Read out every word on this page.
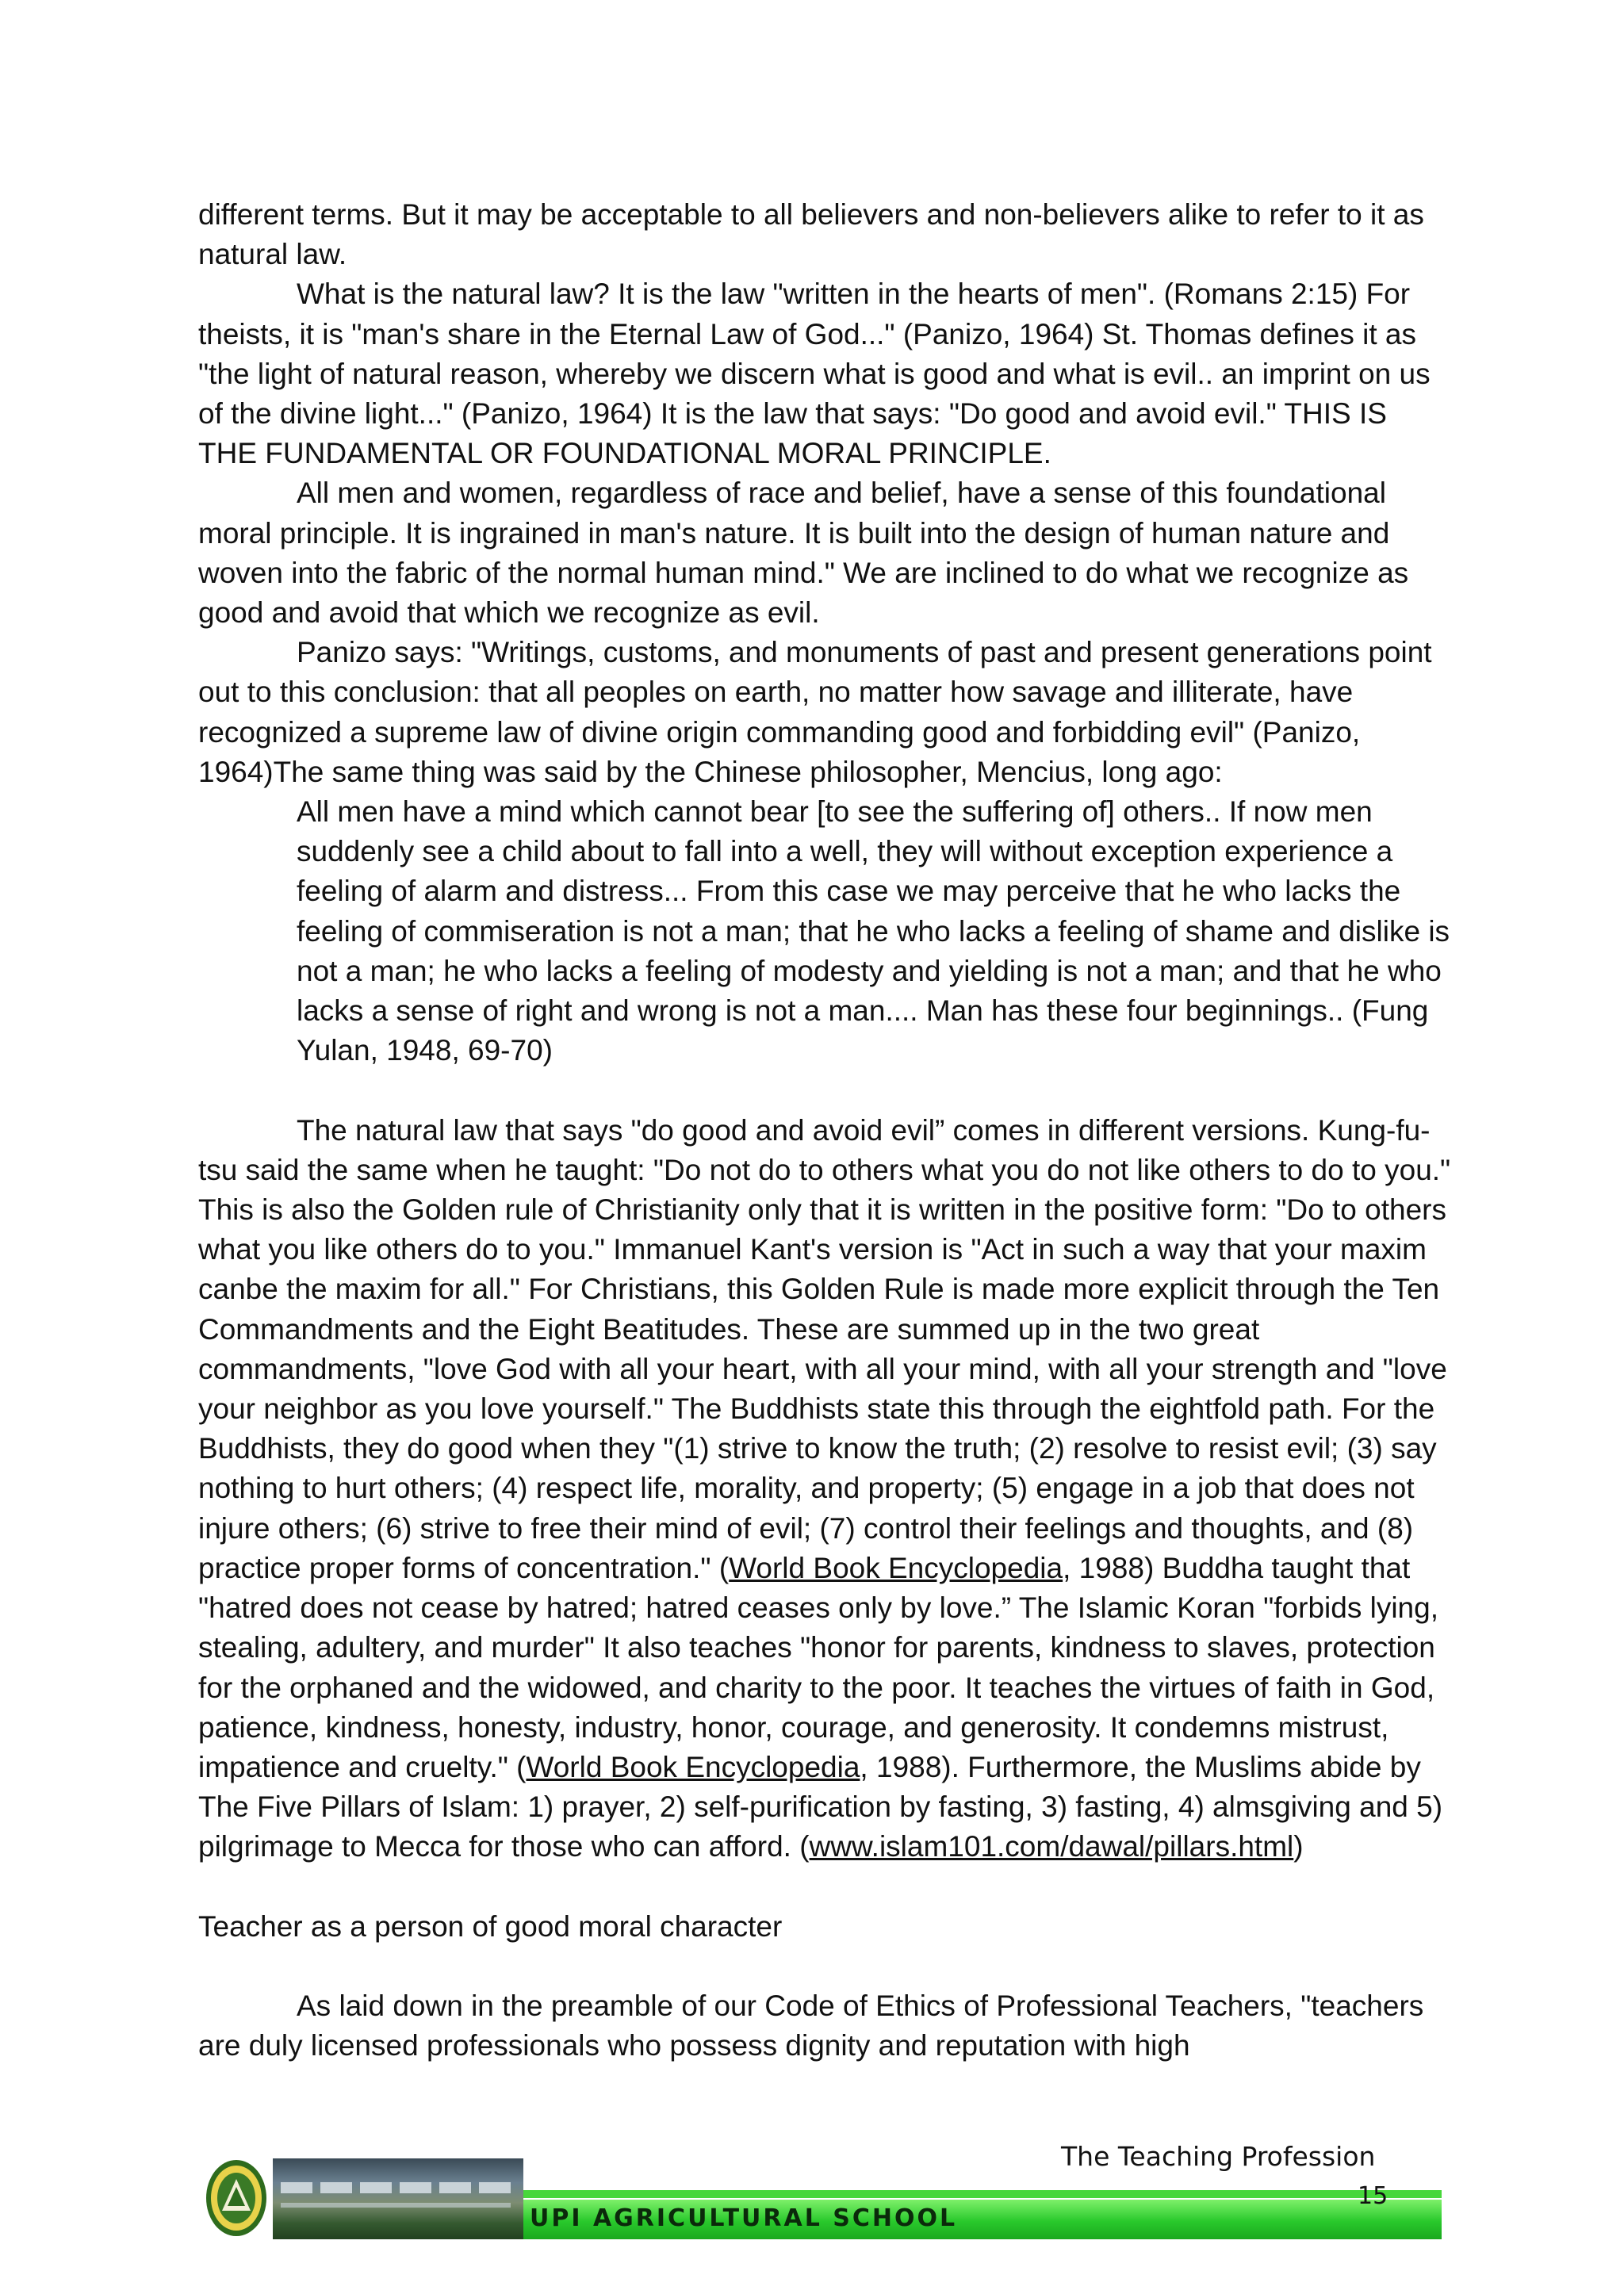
different terms. But it may be acceptable to all believers and non-believers alike to refer to it as natural law.

What is the natural law? It is the law "written in the hearts of men". (Romans 2:15) For theists, it is "man's share in the Eternal Law of God..." (Panizo, 1964) St. Thomas defines it as "the light of natural reason, whereby we discern what is good and what is evil.. an imprint on us of the divine light..." (Panizo, 1964) It is the law that says: "Do good and avoid evil." THIS IS THE FUNDAMENTAL OR FOUNDATIONAL MORAL PRINCIPLE.

All men and women, regardless of race and belief, have a sense of this foundational moral principle. It is ingrained in man's nature. It is built into the design of human nature and woven into the fabric of the normal human mind." We are inclined to do what we recognize as good and avoid that which we recognize as evil.

Panizo says: "Writings, customs, and monuments of past and present generations point out to this conclusion: that all peoples on earth, no matter how savage and illiterate, have recognized a supreme law of divine origin commanding good and forbidding evil" (Panizo, 1964)The same thing was said by the Chinese philosopher, Mencius, long ago:

All men have a mind which cannot bear [to see the suffering of] others.. If now men suddenly see a child about to fall into a well, they will without exception experience a feeling of alarm and distress... From this case we may perceive that he who lacks the feeling of commiseration is not a man; that he who lacks a feeling of shame and dislike is not a man; he who lacks a feeling of modesty and yielding is not a man; and that he who lacks a sense of right and wrong is not a man.... Man has these four beginnings.. (Fung Yulan, 1948, 69-70)

The natural law that says "do good and avoid evil” comes in different versions. Kung-fu-tsu said the same when he taught: "Do not do to others what you do not like others to do to you." This is also the Golden rule of Christianity only that it is written in the positive form: "Do to others what you like others do to you." Immanuel Kant's version is "Act in such a way that your maxim canbe the maxim for all." For Christians, this Golden Rule is made more explicit through the Ten Commandments and the Eight Beatitudes. These are summed up in the two great commandments, "love God with all your heart, with all your mind, with all your strength and "love your neighbor as you love yourself." The Buddhists state this through the eightfold path. For the Buddhists, they do good when they "(1) strive to know the truth; (2) resolve to resist evil; (3) say nothing to hurt others; (4) respect life, morality, and property; (5) engage in a job that does not injure others; (6) strive to free their mind of evil; (7) control their feelings and thoughts, and (8) practice proper forms of concentration." (World Book Encyclopedia, 1988) Buddha taught that "hatred does not cease by hatred; hatred ceases only by love.” The Islamic Koran "forbids lying, stealing, adultery, and murder" It also teaches "honor for parents, kindness to slaves, protection for the orphaned and the widowed, and charity to the poor. It teaches the virtues of faith in God, patience, kindness, honesty, industry, honor, courage, and generosity. It condemns mistrust, impatience and cruelty." (World Book Encyclopedia, 1988). Furthermore, the Muslims abide by The Five Pillars of Islam: 1) prayer, 2) self-purification by fasting, 3) fasting, 4) almsgiving and 5) pilgrimage to Mecca for those who can afford. (www.islam101.com/dawal/pillars.html)

Teacher as a person of good moral character

As laid down in the preamble of our Code of Ethics of Professional Teachers, "teachers are duly licensed professionals who possess dignity and reputation with high

UPI AGRICULTURAL SCHOOL
The Teaching Profession
15
